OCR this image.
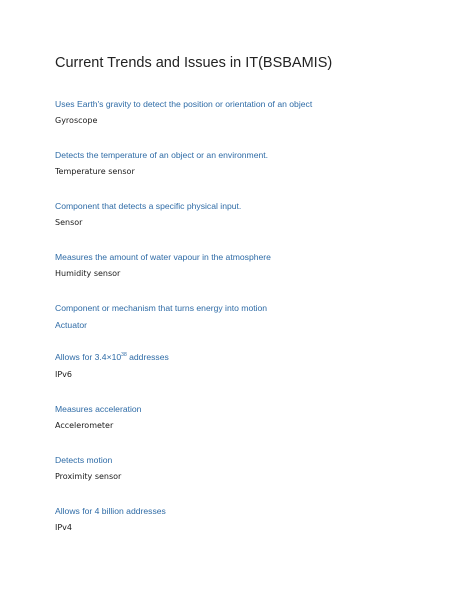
Current Trends and Issues in IT(BSBAMIS)
Uses Earth's gravity to detect the position or orientation of an object
Gyroscope
Detects the temperature of an object or an environment.
Temperature sensor
Component that detects a specific physical input.
Sensor
Measures the amount of water vapour in the atmosphere
Humidity sensor
Component or mechanism that turns energy into motion
Actuator
Allows for $3.4\times 10^{38}$ addresses
IPv6
Measures acceleration
Accelerometer
Detects motion
Proximity sensor
Allows for 4 billion addresses
IPv4
